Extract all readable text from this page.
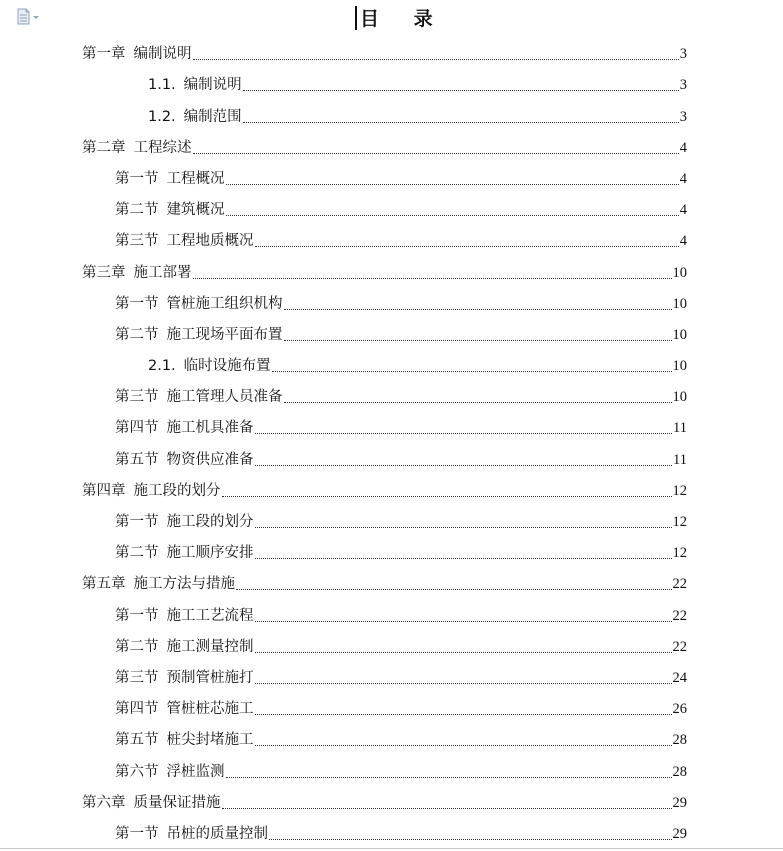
目 录
第一章 编制说明	3
1.1. 编制说明	3
1.2. 编制范围	3
第二章 工程综述	4
第一节 工程概况	4
第二节 建筑概况	4
第三节 工程地质概况	4
第三章 施工部署	10
第一节 管桩施工组织机构	10
第二节 施工现场平面布置	10
2.1. 临时设施布置	10
第三节 施工管理人员准备	10
第四节 施工机具准备	11
第五节 物资供应准备	11
第四章 施工段的划分	12
第一节 施工段的划分	12
第二节 施工顺序安排	12
第五章 施工方法与措施	22
第一节 施工工艺流程	22
第二节 施工测量控制	22
第三节 预制管桩施打	24
第四节 管桩桩芯施工	26
第五节 桩尖封堵施工	28
第六节 浮桩监测	28
第六章 质量保证措施	29
第一节 吊桩的质量控制	29
